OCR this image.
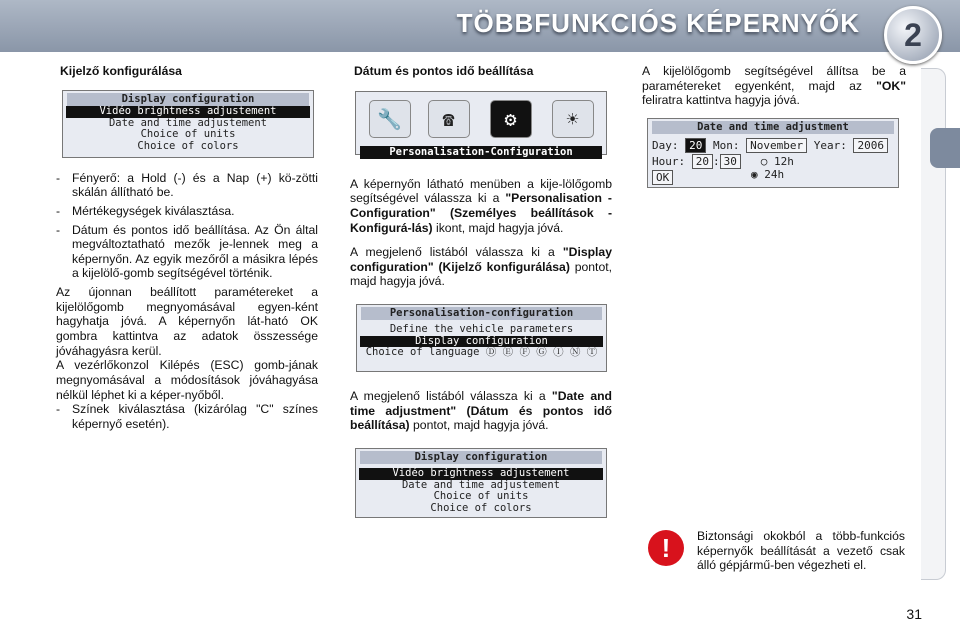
TÖBBFUNKCIÓS KÉPERNYŐK	2
Kijelző konfigurálása
- Fényerő: a Hold (-) és a Nap (+) kö-zötti skálán állítható be.
- Mértékegységek kiválasztása.
- Dátum és pontos idő beállítása. Az Ön által megváltoztatható mezők je-lennek meg a képernyőn. Az egyik mezőről a másikra lépés a kijelölő-gomb segítségével történik.

Az újonnan beállított paramétereket a kijelölőgomb megnyomásával egyen-ként hagyhatja jóvá. A képernyőn lát-ható OK gombra kattintva az adatok összessége jóváhagyásra kerül.

A vezérlőkonzol Kilépés (ESC) gomb-jának megnyomásával a módosítások jóváhagyása nélkül léphet ki a képer-nyőből.

- Színek kiválasztása (kizárólag "C" színes képernyő esetén).
Display configuration
Vidéo brightness adjustement
Date and time adjustement
Choice of units
Choice of colors
Dátum és pontos idő beállítása

A képernyőn látható menüben a kije-lölőgomb segítségével válassza ki a "Personalisation - Configuration" (Személyes beállítások - Konfigurá-lás) ikont, majd hagyja jóvá.

A megjelenő listából válassza ki a "Display configuration" (Kijelző konfigurálása) pontot, majd hagyja jóvá.

A megjelenő listából válassza ki a "Date and time adjustment" (Dátum és pontos idő beállítása) pontot, majd hagyja jóvá.

🔧	☎	⚙	☀
Personalisation-Configuration
Personalisation-configuration
Define the vehicle parameters
Display configuration
Choice of language Ⓓ Ⓔ Ⓕ Ⓖ Ⓘ Ⓝ Ⓣ
Display configuration
Vidéo brightness adjustement
Date and time adjustement
Choice of units
Choice of colors

A kijelölőgomb segítségével állítsa be a paramétereket egyenként, majd az "OK" feliratra kattintva hagyja jóvá.

Date and time adjustment
Day: 20 Mon: November Year: 2006
Hour: 20 : 30 ○ 12h
◉ 24h
OK
!	Biztonsági okokból a több-funkciós képernyők beállítását a vezető csak álló gépjármű-ben végezheti el.
31
